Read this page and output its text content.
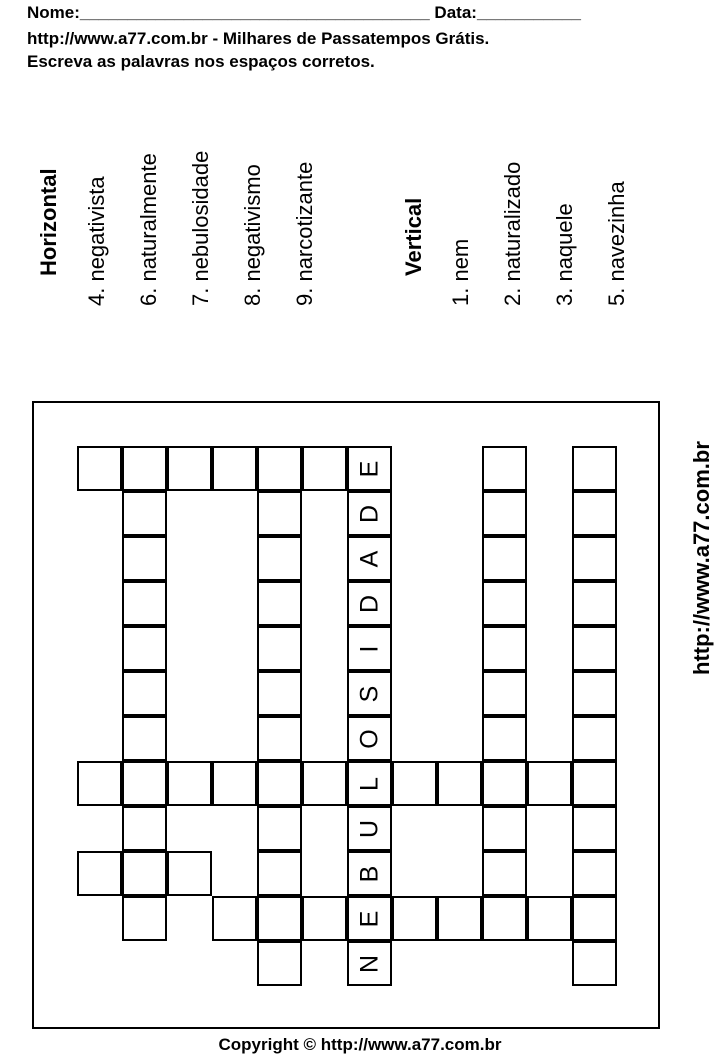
Nome:_____________________________________ Data:___________
http://www.a77.com.br - Milhares de Passatempos Grátis.
Escreva as palavras nos espaços corretos.
Horizontal 4. negativista 6. naturalmente 7. nebulosidade 8. negativismo 9. narcotizante	Vertical 1. nem 2. naturalizado 3. naquele 5. navezinha
E
D
A
D
I
S
O
L
U
B
E
N
http://www.a77.com.br
Copyright © http://www.a77.com.br
